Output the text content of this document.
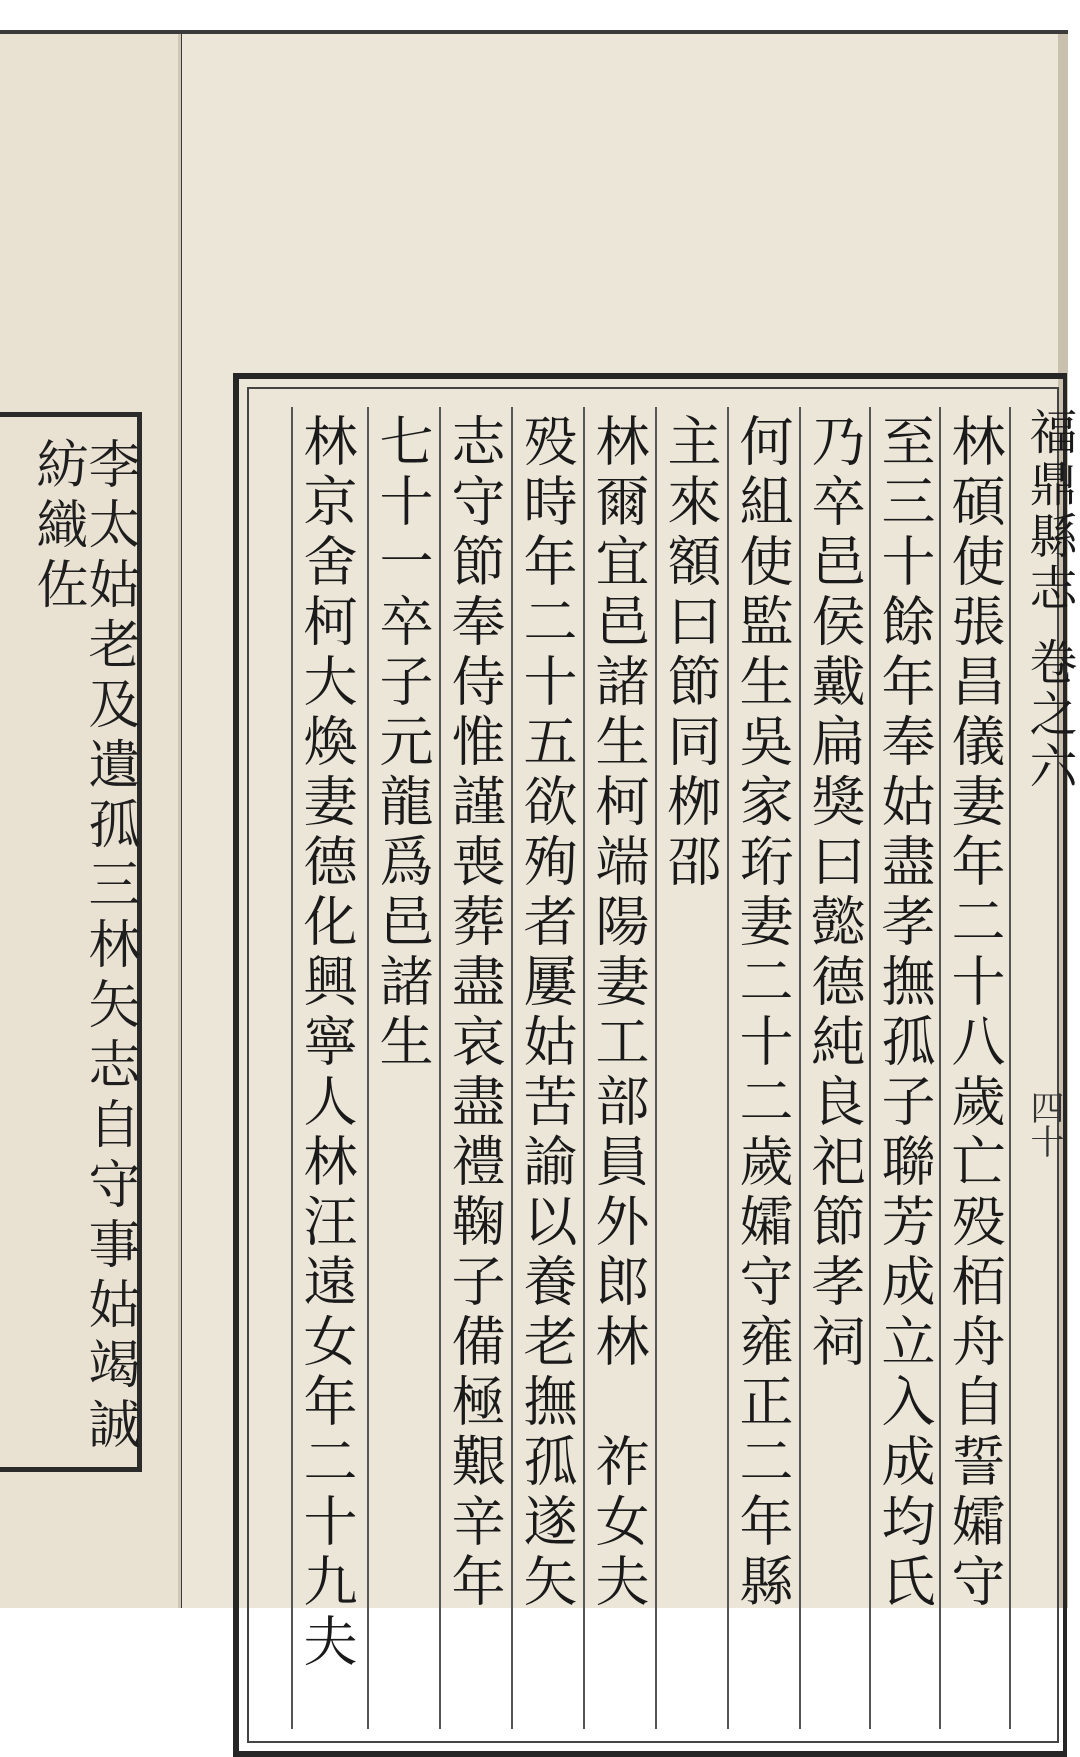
李太姑老及遺孤三林矢志自守事姑竭誠紡織佐	福鼎縣志
卷之六
林碩使張昌儀妻年二十八歲亡殁栢舟自誓孀守
至三十餘年奉姑盡孝撫孤子聯芳成立入成均氏
乃卒邑侯戴扁獎曰懿德純良祀節孝祠
何組使監生吳家珩妻二十二歲孀守雍正二年縣
主來額曰節同栁邵
林爾宜邑諸生柯端陽妻工部員外郎林　祚女夫
殁時年二十五欲殉者屢姑苦諭以養老撫孤遂矢
志守節奉侍惟謹喪葬盡哀盡禮鞠子備極艱辛年
七十一卒子元龍爲邑諸生
林京舍柯大煥妻德化興寧人林汪遠女年二十九夫	四十
